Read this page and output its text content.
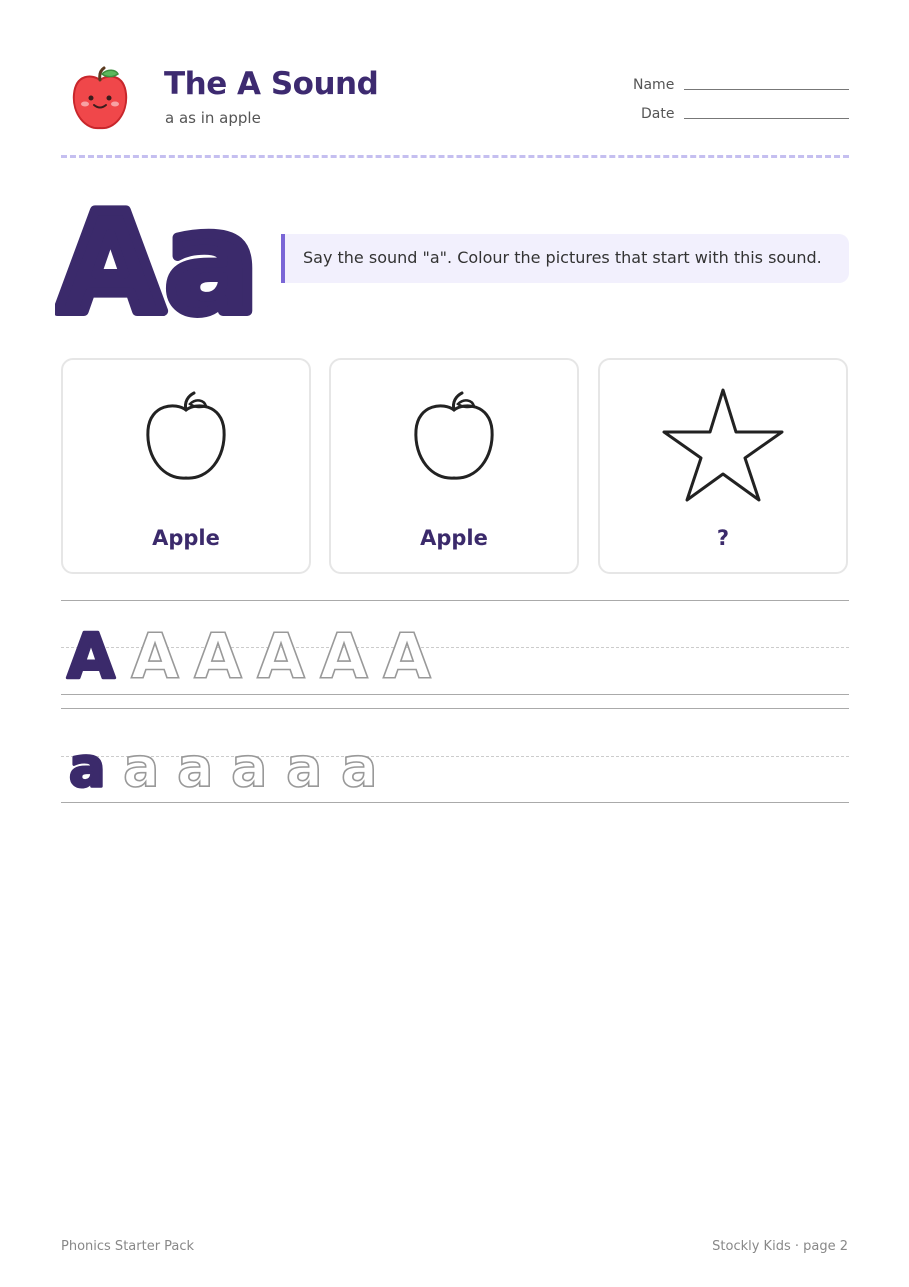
The A Sound
a as in apple
Name
Date
A a	Say the sound "a". Colour the pictures that start with this sound.
Apple	Apple	?
A A A A A A
a a a a a a
Phonics Starter Pack	Stockly Kids · page 2
